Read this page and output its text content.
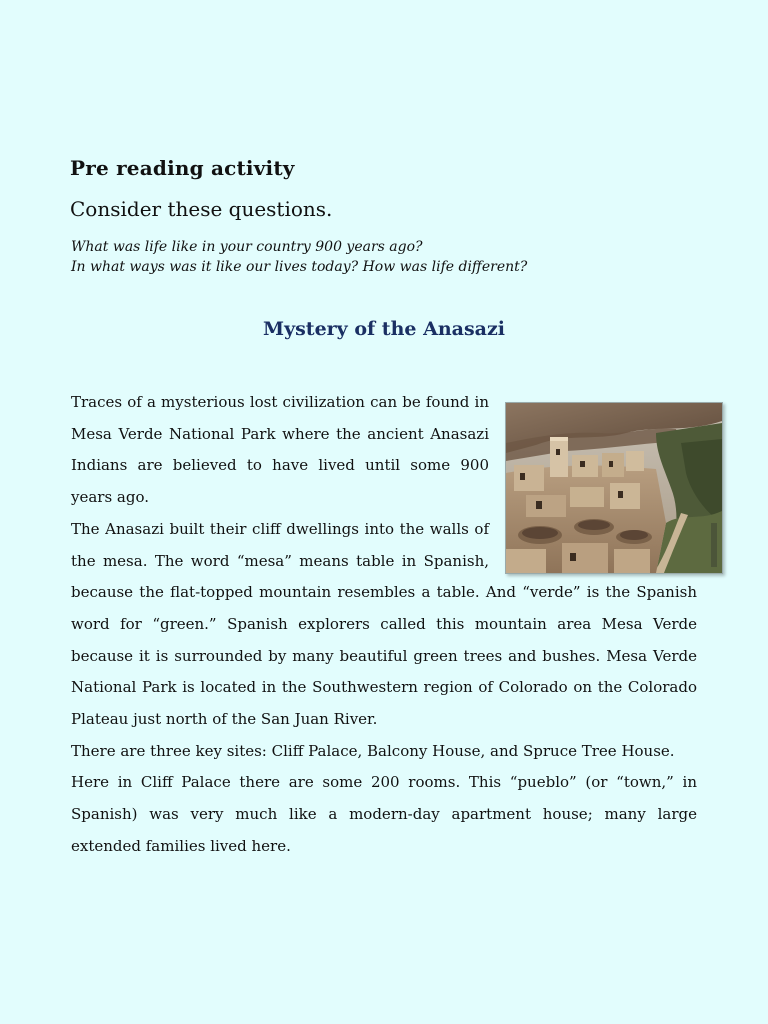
Pre reading activity
Consider these questions.
What was life like in your country 900 years ago?
In what ways was it like our lives today? How was life different?
Mystery of the Anasazi

Traces of a mysterious lost civilization can be found in Mesa Verde National Park where the ancient Anasazi Indians are believed to have lived until some 900 years ago.

The Anasazi built their cliff dwellings into the walls of the mesa. The word “mesa” means table in Spanish, because the flat-topped mountain resembles a table. And “verde” is the Spanish word for “green.” Spanish explorers called this mountain area Mesa Verde because it is surrounded by many beautiful green trees and bushes. Mesa Verde National Park is located in the Southwestern region of Colorado on the Colorado Plateau just north of the San Juan River.

There are three key sites: Cliff Palace, Balcony House, and Spruce Tree House.

Here in Cliff Palace there are some 200 rooms. This “pueblo” (or “town,” in Spanish) was very much like a modern-day apartment house; many large extended families lived here.
